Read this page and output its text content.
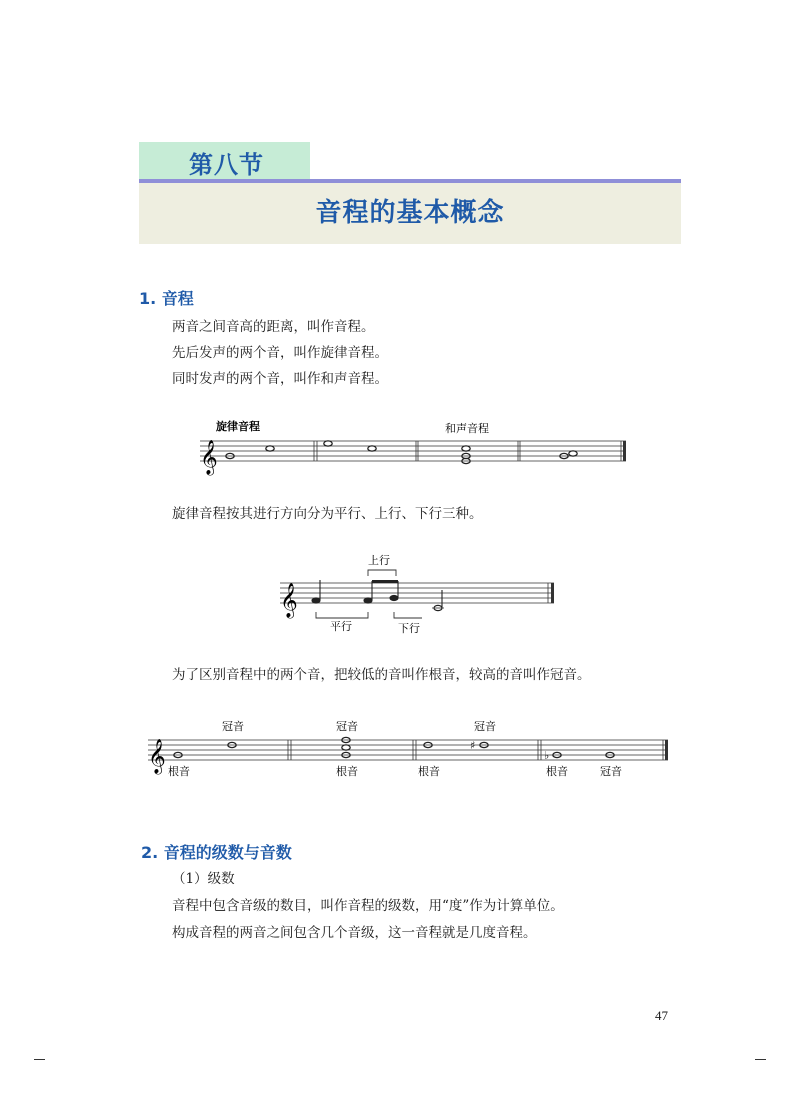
第八节
音程的基本概念
1. 音程
两音之间音高的距离，叫作音程。
先后发声的两个音，叫作旋律音程。
同时发声的两个音，叫作和声音程。
𝄞
旋律音程	和声音程
旋律音程按其进行方向分为平行、上行、下行三种。
𝄞
上行
平行	下行
为了区别音程中的两个音，把较低的音叫作根音，较高的音叫作冠音。
𝄞	♯
♭
冠音	冠音	冠音
根音	根音	根音	根音	冠音
2. 音程的级数与音数
（1）级数
音程中包含音级的数目，叫作音程的级数，用“度”作为计算单位。
构成音程的两音之间包含几个音级，这一音程就是几度音程。
47
